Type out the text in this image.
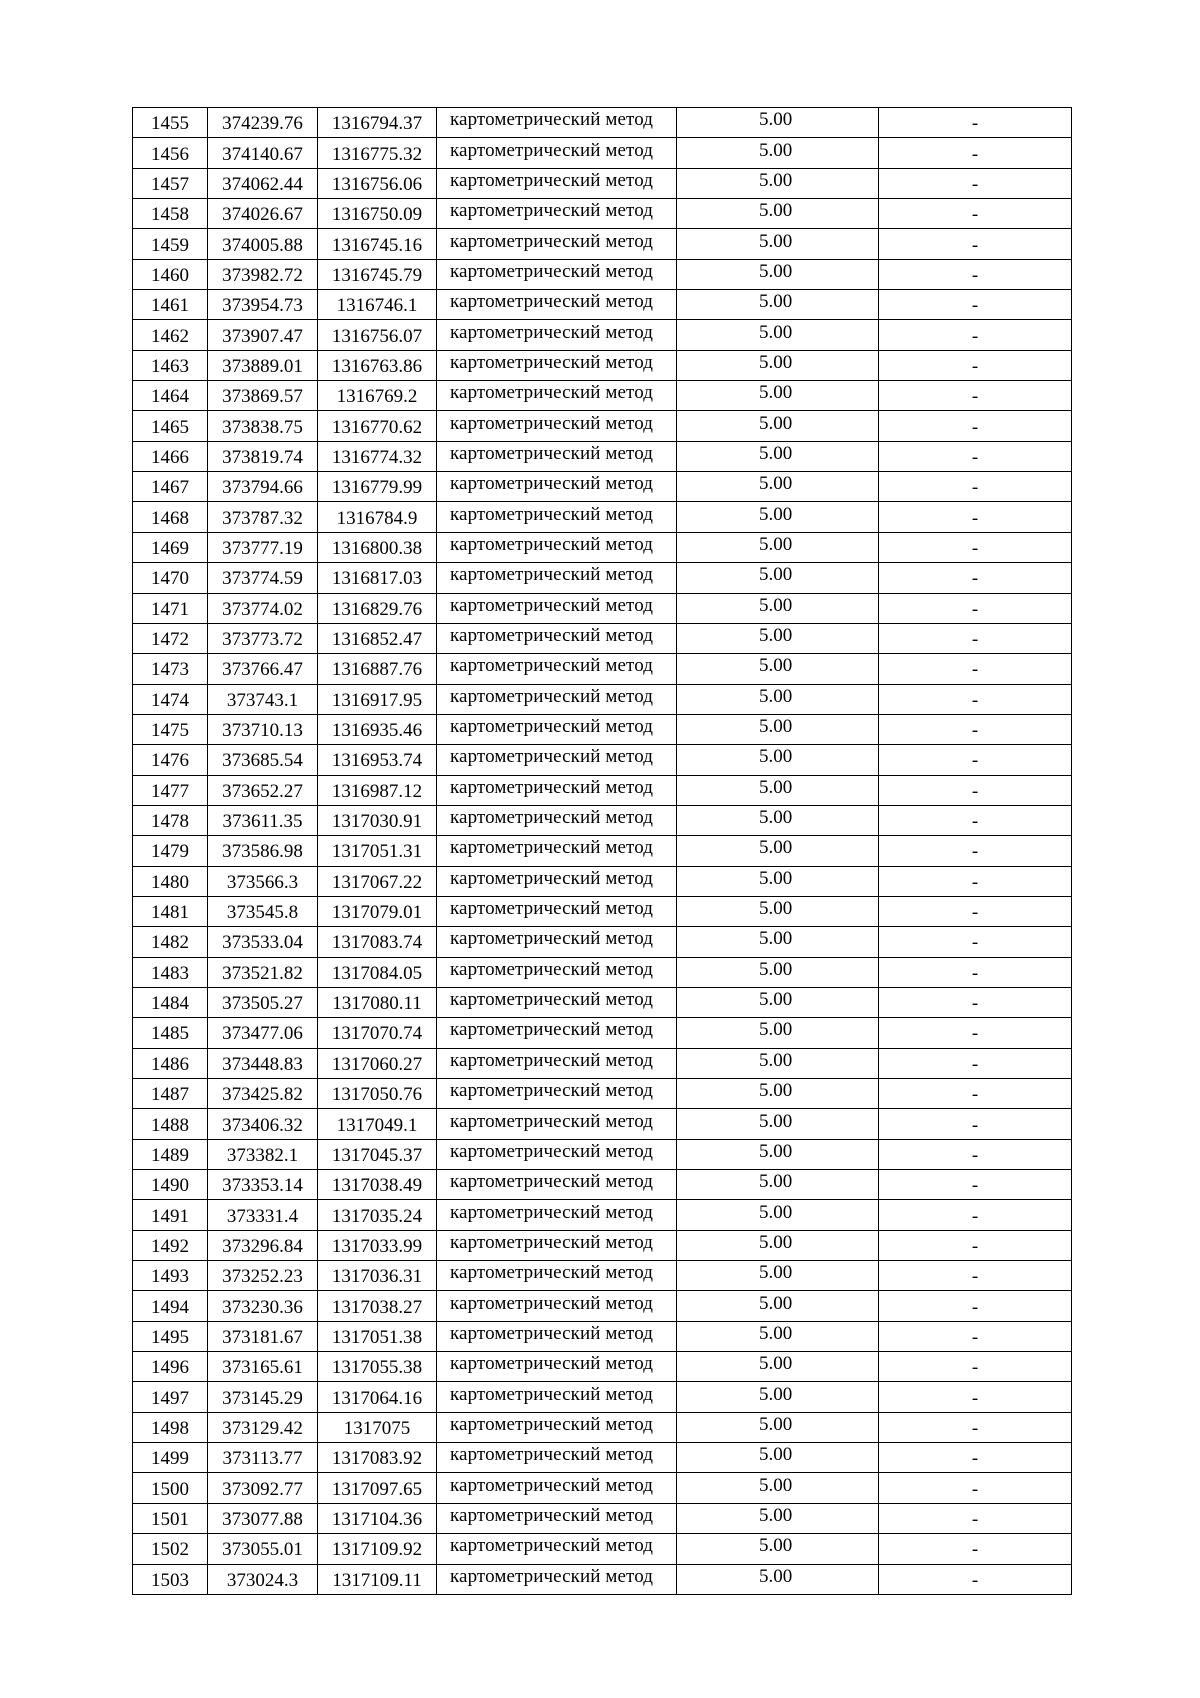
1455	374239.76	1316794.37	картометрический метод	5.00	-
1456	374140.67	1316775.32	картометрический метод	5.00	-
1457	374062.44	1316756.06	картометрический метод	5.00	-
1458	374026.67	1316750.09	картометрический метод	5.00	-
1459	374005.88	1316745.16	картометрический метод	5.00	-
1460	373982.72	1316745.79	картометрический метод	5.00	-
1461	373954.73	1316746.1	картометрический метод	5.00	-
1462	373907.47	1316756.07	картометрический метод	5.00	-
1463	373889.01	1316763.86	картометрический метод	5.00	-
1464	373869.57	1316769.2	картометрический метод	5.00	-
1465	373838.75	1316770.62	картометрический метод	5.00	-
1466	373819.74	1316774.32	картометрический метод	5.00	-
1467	373794.66	1316779.99	картометрический метод	5.00	-
1468	373787.32	1316784.9	картометрический метод	5.00	-
1469	373777.19	1316800.38	картометрический метод	5.00	-
1470	373774.59	1316817.03	картометрический метод	5.00	-
1471	373774.02	1316829.76	картометрический метод	5.00	-
1472	373773.72	1316852.47	картометрический метод	5.00	-
1473	373766.47	1316887.76	картометрический метод	5.00	-
1474	373743.1	1316917.95	картометрический метод	5.00	-
1475	373710.13	1316935.46	картометрический метод	5.00	-
1476	373685.54	1316953.74	картометрический метод	5.00	-
1477	373652.27	1316987.12	картометрический метод	5.00	-
1478	373611.35	1317030.91	картометрический метод	5.00	-
1479	373586.98	1317051.31	картометрический метод	5.00	-
1480	373566.3	1317067.22	картометрический метод	5.00	-
1481	373545.8	1317079.01	картометрический метод	5.00	-
1482	373533.04	1317083.74	картометрический метод	5.00	-
1483	373521.82	1317084.05	картометрический метод	5.00	-
1484	373505.27	1317080.11	картометрический метод	5.00	-
1485	373477.06	1317070.74	картометрический метод	5.00	-
1486	373448.83	1317060.27	картометрический метод	5.00	-
1487	373425.82	1317050.76	картометрический метод	5.00	-
1488	373406.32	1317049.1	картометрический метод	5.00	-
1489	373382.1	1317045.37	картометрический метод	5.00	-
1490	373353.14	1317038.49	картометрический метод	5.00	-
1491	373331.4	1317035.24	картометрический метод	5.00	-
1492	373296.84	1317033.99	картометрический метод	5.00	-
1493	373252.23	1317036.31	картометрический метод	5.00	-
1494	373230.36	1317038.27	картометрический метод	5.00	-
1495	373181.67	1317051.38	картометрический метод	5.00	-
1496	373165.61	1317055.38	картометрический метод	5.00	-
1497	373145.29	1317064.16	картометрический метод	5.00	-
1498	373129.42	1317075	картометрический метод	5.00	-
1499	373113.77	1317083.92	картометрический метод	5.00	-
1500	373092.77	1317097.65	картометрический метод	5.00	-
1501	373077.88	1317104.36	картометрический метод	5.00	-
1502	373055.01	1317109.92	картометрический метод	5.00	-
1503	373024.3	1317109.11	картометрический метод	5.00	-
